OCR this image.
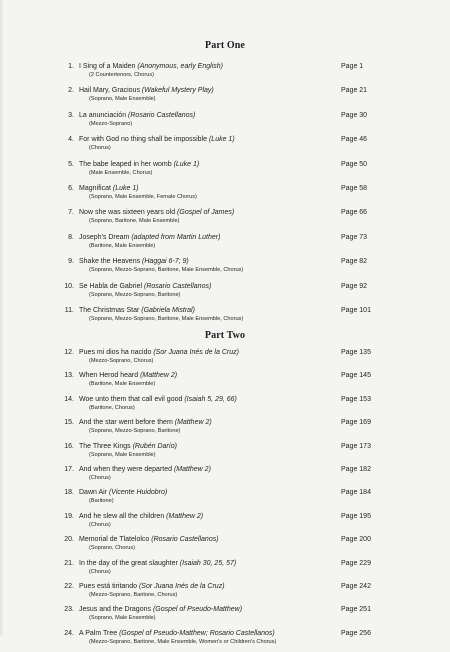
Part One
1. I Sing of a Maiden (Anonymous, early English)
(2 Countertenors, Chorus)
Page 1
2. Hail Mary, Gracious (Wakeful Mystery Play)
(Soprano, Male Ensemble)
Page 21
3. La anunciación (Rosario Castellanos)
(Mezzo-Soprano)
Page 30
4. For with God no thing shall be impossible (Luke 1)
(Chorus)
Page 46
5. The babe leaped in her womb (Luke 1)
(Male Ensemble, Chorus)
Page 50
6. Magnificat (Luke 1)
(Soprano, Male Ensemble, Female Chorus)
Page 58
7. Now she was sixteen years old (Gospel of James)
(Soprano, Baritone, Male Ensemble)
Page 66
8. Joseph's Dream (adapted from Martin Luther)
(Baritone, Male Ensemble)
Page 73
9. Shake the Heavens (Haggai 6-7; 9)
(Soprano, Mezzo-Soprano, Baritone, Male Ensemble, Chorus)
Page 82
10. Se Habla de Gabriel (Rosario Castellanos)
(Soprano, Mezzo-Soprano, Baritone)
Page 92
11. The Christmas Star (Gabriela Mistral)
(Soprano, Mezzo-Soprano, Baritone, Male Ensemble, Chorus)
Page 101
Part Two
12. Pues mi dios ha nacido (Sor Juana Inés de la Cruz)
(Mezzo-Soprano, Chorus)
Page 135
13. When Herod heard (Matthew 2)
(Baritone, Male Ensemble)
Page 145
14. Woe unto them that call evil good (Isaiah 5, 29, 66)
(Baritone, Chorus)
Page 153
15. And the star went before them (Matthew 2)
(Soprano, Mezzo-Soprano, Baritone)
Page 169
16. The Three Kings (Rubén Darío)
(Soprano, Male Ensemble)
Page 173
17. And when they were departed (Matthew 2)
(Chorus)
Page 182
18. Dawn Air (Vicente Huidobro)
(Baritone)
Page 184
19. And he slew all the children (Matthew 2)
(Chorus)
Page 195
20. Memorial de Tlatelolco (Rosario Castellanos)
(Soprano, Chorus)
Page 200
21. In the day of the great slaughter (Isaiah 30, 25, 57)
(Chorus)
Page 229
22. Pues está tiritando (Sor Juana Inés de la Cruz)
(Mezzo-Soprano, Baritone, Chorus)
Page 242
23. Jesus and the Dragons (Gospel of Pseudo-Matthew)
(Soprano, Male Ensemble)
Page 251
24. A Palm Tree (Gospel of Pseudo-Matthew; Rosario Castellanos)
(Mezzo-Soprano, Baritone, Male Ensemble, Women's or Children's Chorus)
Page 256
